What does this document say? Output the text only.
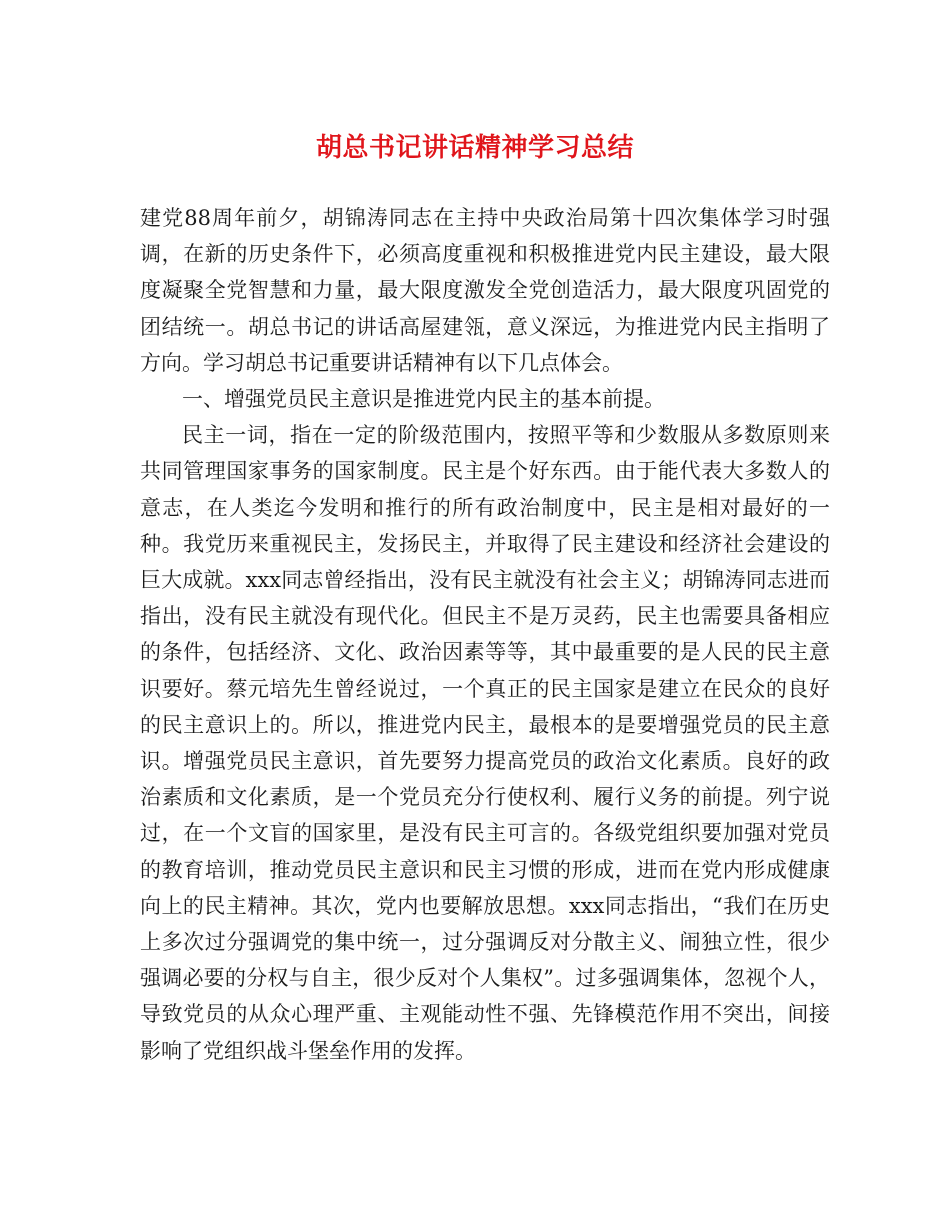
胡总书记讲话精神学习总结

建党88周年前夕，胡锦涛同志在主持中央政治局第十四次集体学习时强调，在新的历史条件下，必须高度重视和积极推进党内民主建设，最大限度凝聚全党智慧和力量，最大限度激发全党创造活力，最大限度巩固党的团结统一。胡总书记的讲话高屋建瓴，意义深远，为推进党内民主指明了方向。学习胡总书记重要讲话精神有以下几点体会。

一、增强党员民主意识是推进党内民主的基本前提。

民主一词，指在一定的阶级范围内，按照平等和少数服从多数原则来共同管理国家事务的国家制度。民主是个好东西。由于能代表大多数人的意志，在人类迄今发明和推行的所有政治制度中，民主是相对最好的一种。我党历来重视民主，发扬民主，并取得了民主建设和经济社会建设的巨大成就。xxx同志曾经指出，没有民主就没有社会主义；胡锦涛同志进而指出，没有民主就没有现代化。但民主不是万灵药，民主也需要具备相应的条件，包括经济、文化、政治因素等等，其中最重要的是人民的民主意识要好。蔡元培先生曾经说过，一个真正的民主国家是建立在民众的良好的民主意识上的。所以，推进党内民主，最根本的是要增强党员的民主意识。增强党员民主意识，首先要努力提高党员的政治文化素质。良好的政治素质和文化素质，是一个党员充分行使权利、履行义务的前提。列宁说过，在一个文盲的国家里，是没有民主可言的。各级党组织要加强对党员的教育培训，推动党员民主意识和民主习惯的形成，进而在党内形成健康向上的民主精神。其次，党内也要解放思想。xxx同志指出，“我们在历史上多次过分强调党的集中统一，过分强调反对分散主义、闹独立性，很少强调必要的分权与自主，很少反对个人集权”。过多强调集体，忽视个人，导致党员的从众心理严重、主观能动性不强、先锋模范作用不突出，间接影响了党组织战斗堡垒作用的发挥。
